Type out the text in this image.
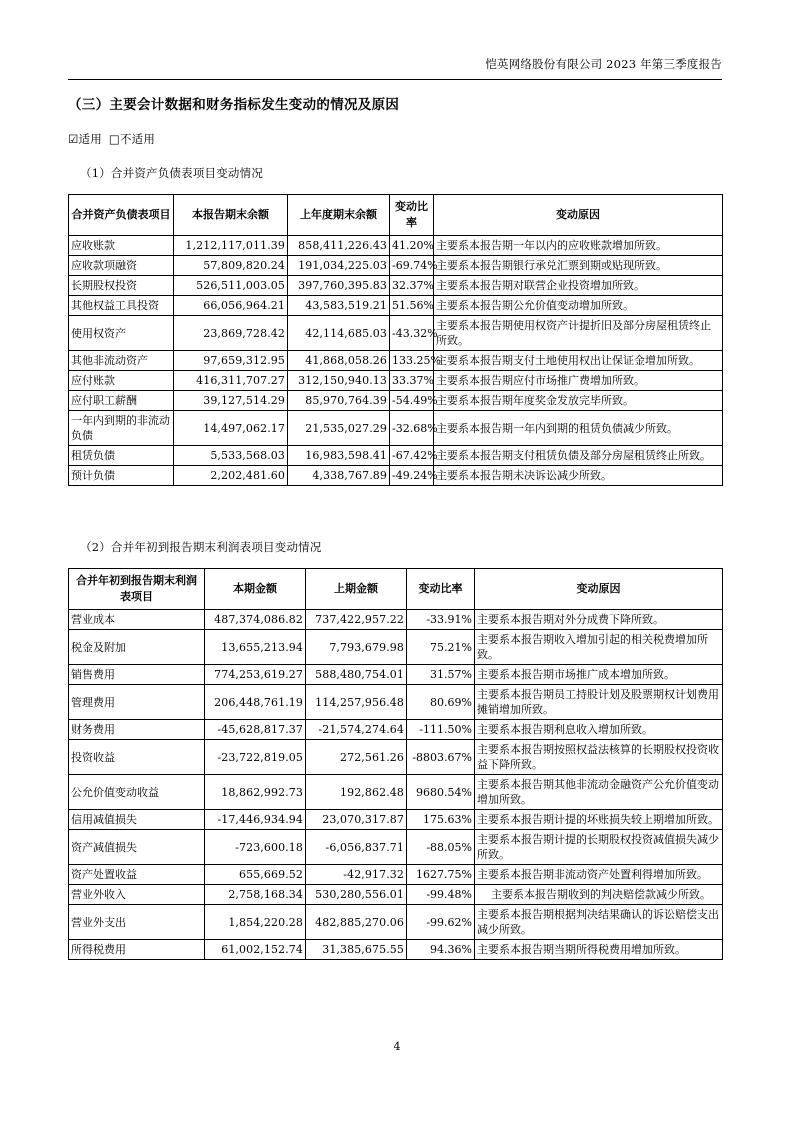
恺英网络股份有限公司 2023 年第三季度报告
（三）主要会计数据和财务指标发生变动的情况及原因

☑适用 □不适用

（1）合并资产负债表项目变动情况

合并资产负债表项目	本报告期末余额	上年度期末余额	变动比率	变动原因
应收账款	1,212,117,011.39	858,411,226.43	41.20%	主要系本报告期一年以内的应收账款增加所致。
应收款项融资	57,809,820.24	191,034,225.03	-69.74%	主要系本报告期银行承兑汇票到期或贴现所致。
长期股权投资	526,511,003.05	397,760,395.83	32.37%	主要系本报告期对联营企业投资增加所致。
其他权益工具投资	66,056,964.21	43,583,519.21	51.56%	主要系本报告期公允价值变动增加所致。
使用权资产	23,869,728.42	42,114,685.03	-43.32%	主要系本报告期使用权资产计提折旧及部分房屋租赁终止所致。
其他非流动资产	97,659,312.95	41,868,058.26	133.25%	主要系本报告期支付土地使用权出让保证金增加所致。
应付账款	416,311,707.27	312,150,940.13	33.37%	主要系本报告期应付市场推广费增加所致。
应付职工薪酬	39,127,514.29	85,970,764.39	-54.49%	主要系本报告期年度奖金发放完毕所致。
一年内到期的非流动负债	14,497,062.17	21,535,027.29	-32.68%	主要系本报告期一年内到期的租赁负债减少所致。
租赁负债	5,533,568.03	16,983,598.41	-67.42%	主要系本报告期支付租赁负债及部分房屋租赁终止所致。
预计负债	2,202,481.60	4,338,767.89	-49.24%	主要系本报告期未决诉讼减少所致。

（2）合并年初到报告期末利润表项目变动情况

合并年初到报告期末利润表项目	本期金额	上期金额	变动比率	变动原因
营业成本	487,374,086.82	737,422,957.22	-33.91%	主要系本报告期对外分成费下降所致。
税金及附加	13,655,213.94	7,793,679.98	75.21%	主要系本报告期收入增加引起的相关税费增加所致。
销售费用	774,253,619.27	588,480,754.01	31.57%	主要系本报告期市场推广成本增加所致。
管理费用	206,448,761.19	114,257,956.48	80.69%	主要系本报告期员工持股计划及股票期权计划费用摊销增加所致。
财务费用	-45,628,817.37	-21,574,274.64	-111.50%	主要系本报告期利息收入增加所致。
投资收益	-23,722,819.05	272,561.26	-8803.67%	主要系本报告期按照权益法核算的长期股权投资收益下降所致。
公允价值变动收益	18,862,992.73	192,862.48	9680.54%	主要系本报告期其他非流动金融资产公允价值变动增加所致。
信用减值损失	-17,446,934.94	23,070,317.87	175.63%	主要系本报告期计提的坏账损失较上期增加所致。
资产减值损失	-723,600.18	-6,056,837.71	-88.05%	主要系本报告期计提的长期股权投资减值损失减少所致。
资产处置收益	655,669.52	-42,917.32	1627.75%	主要系本报告期非流动资产处置利得增加所致。
营业外收入	2,758,168.34	530,280,556.01	-99.48%	主要系本报告期收到的判决赔偿款减少所致。
营业外支出	1,854,220.28	482,885,270.06	-99.62%	主要系本报告期根据判决结果确认的诉讼赔偿支出减少所致。
所得税费用	61,002,152.74	31,385,675.55	94.36%	主要系本报告期当期所得税费用增加所致。
4
